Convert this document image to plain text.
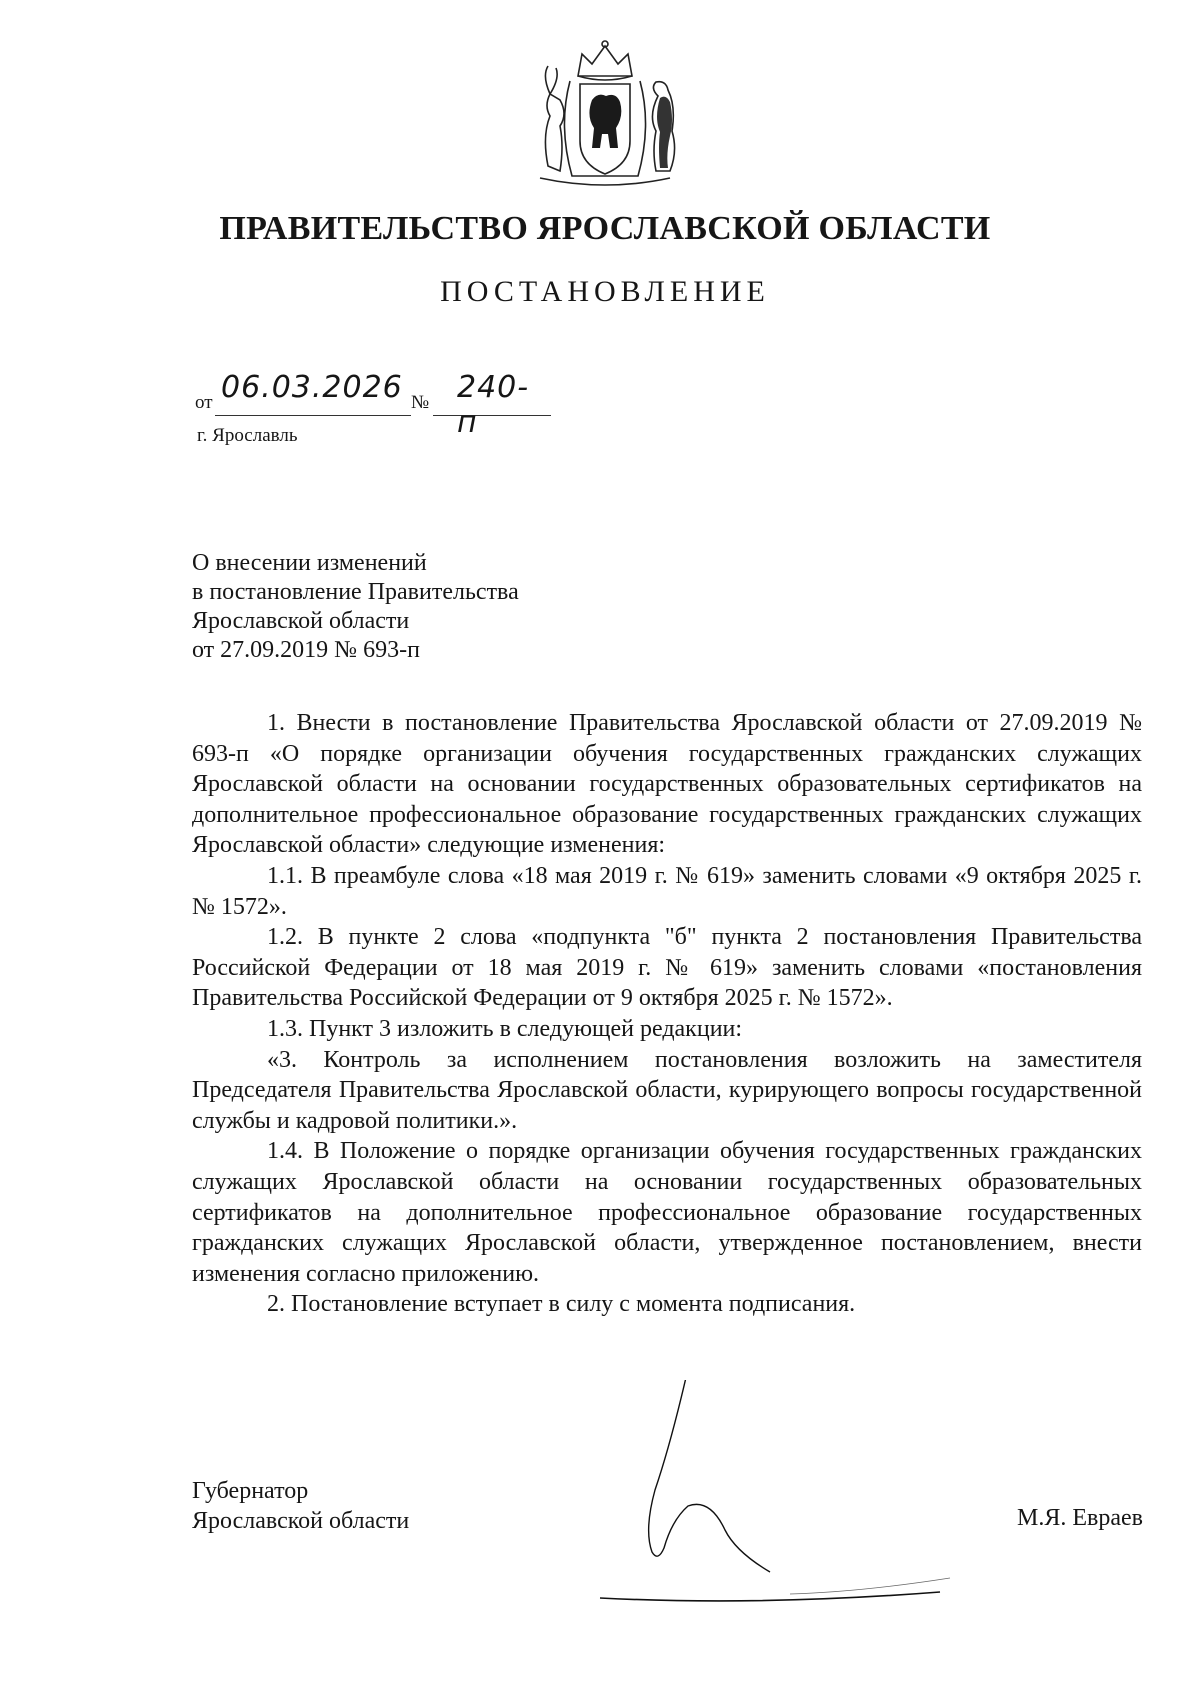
ПРАВИТЕЛЬСТВО ЯРОСЛАВСКОЙ ОБЛАСТИ
ПОСТАНОВЛЕНИЕ
от 06.03.2026 № 240-п
г. Ярославль
О внесении изменений
в постановление Правительства
Ярославской области
от 27.09.2019 № 693-п

1. Внести в постановление Правительства Ярославской области от 27.09.2019 № 693-п «О порядке организации обучения государственных гражданских служащих Ярославской области на основании государственных образовательных сертификатов на дополнительное профессиональное образование государственных гражданских служащих Ярославской области» следующие изменения:

1.1. В преамбуле слова «18 мая 2019 г. № 619» заменить словами «9 октября 2025 г. № 1572».

1.2. В пункте 2 слова «подпункта "б" пункта 2 постановления Правительства Российской Федерации от 18 мая 2019 г. № 619» заменить словами «постановления Правительства Российской Федерации от 9 октября 2025 г. № 1572».

1.3. Пункт 3 изложить в следующей редакции:

«3. Контроль за исполнением постановления возложить на заместителя Председателя Правительства Ярославской области, курирующего вопросы государственной службы и кадровой политики.».

1.4. В Положение о порядке организации обучения государственных гражданских служащих Ярославской области на основании государственных образовательных сертификатов на дополнительное профессиональное образование государственных гражданских служащих Ярославской области, утвержденное постановлением, внести изменения согласно приложению.

2. Постановление вступает в силу с момента подписания.

Губернатор
Ярославской области	М.Я. Евраев
